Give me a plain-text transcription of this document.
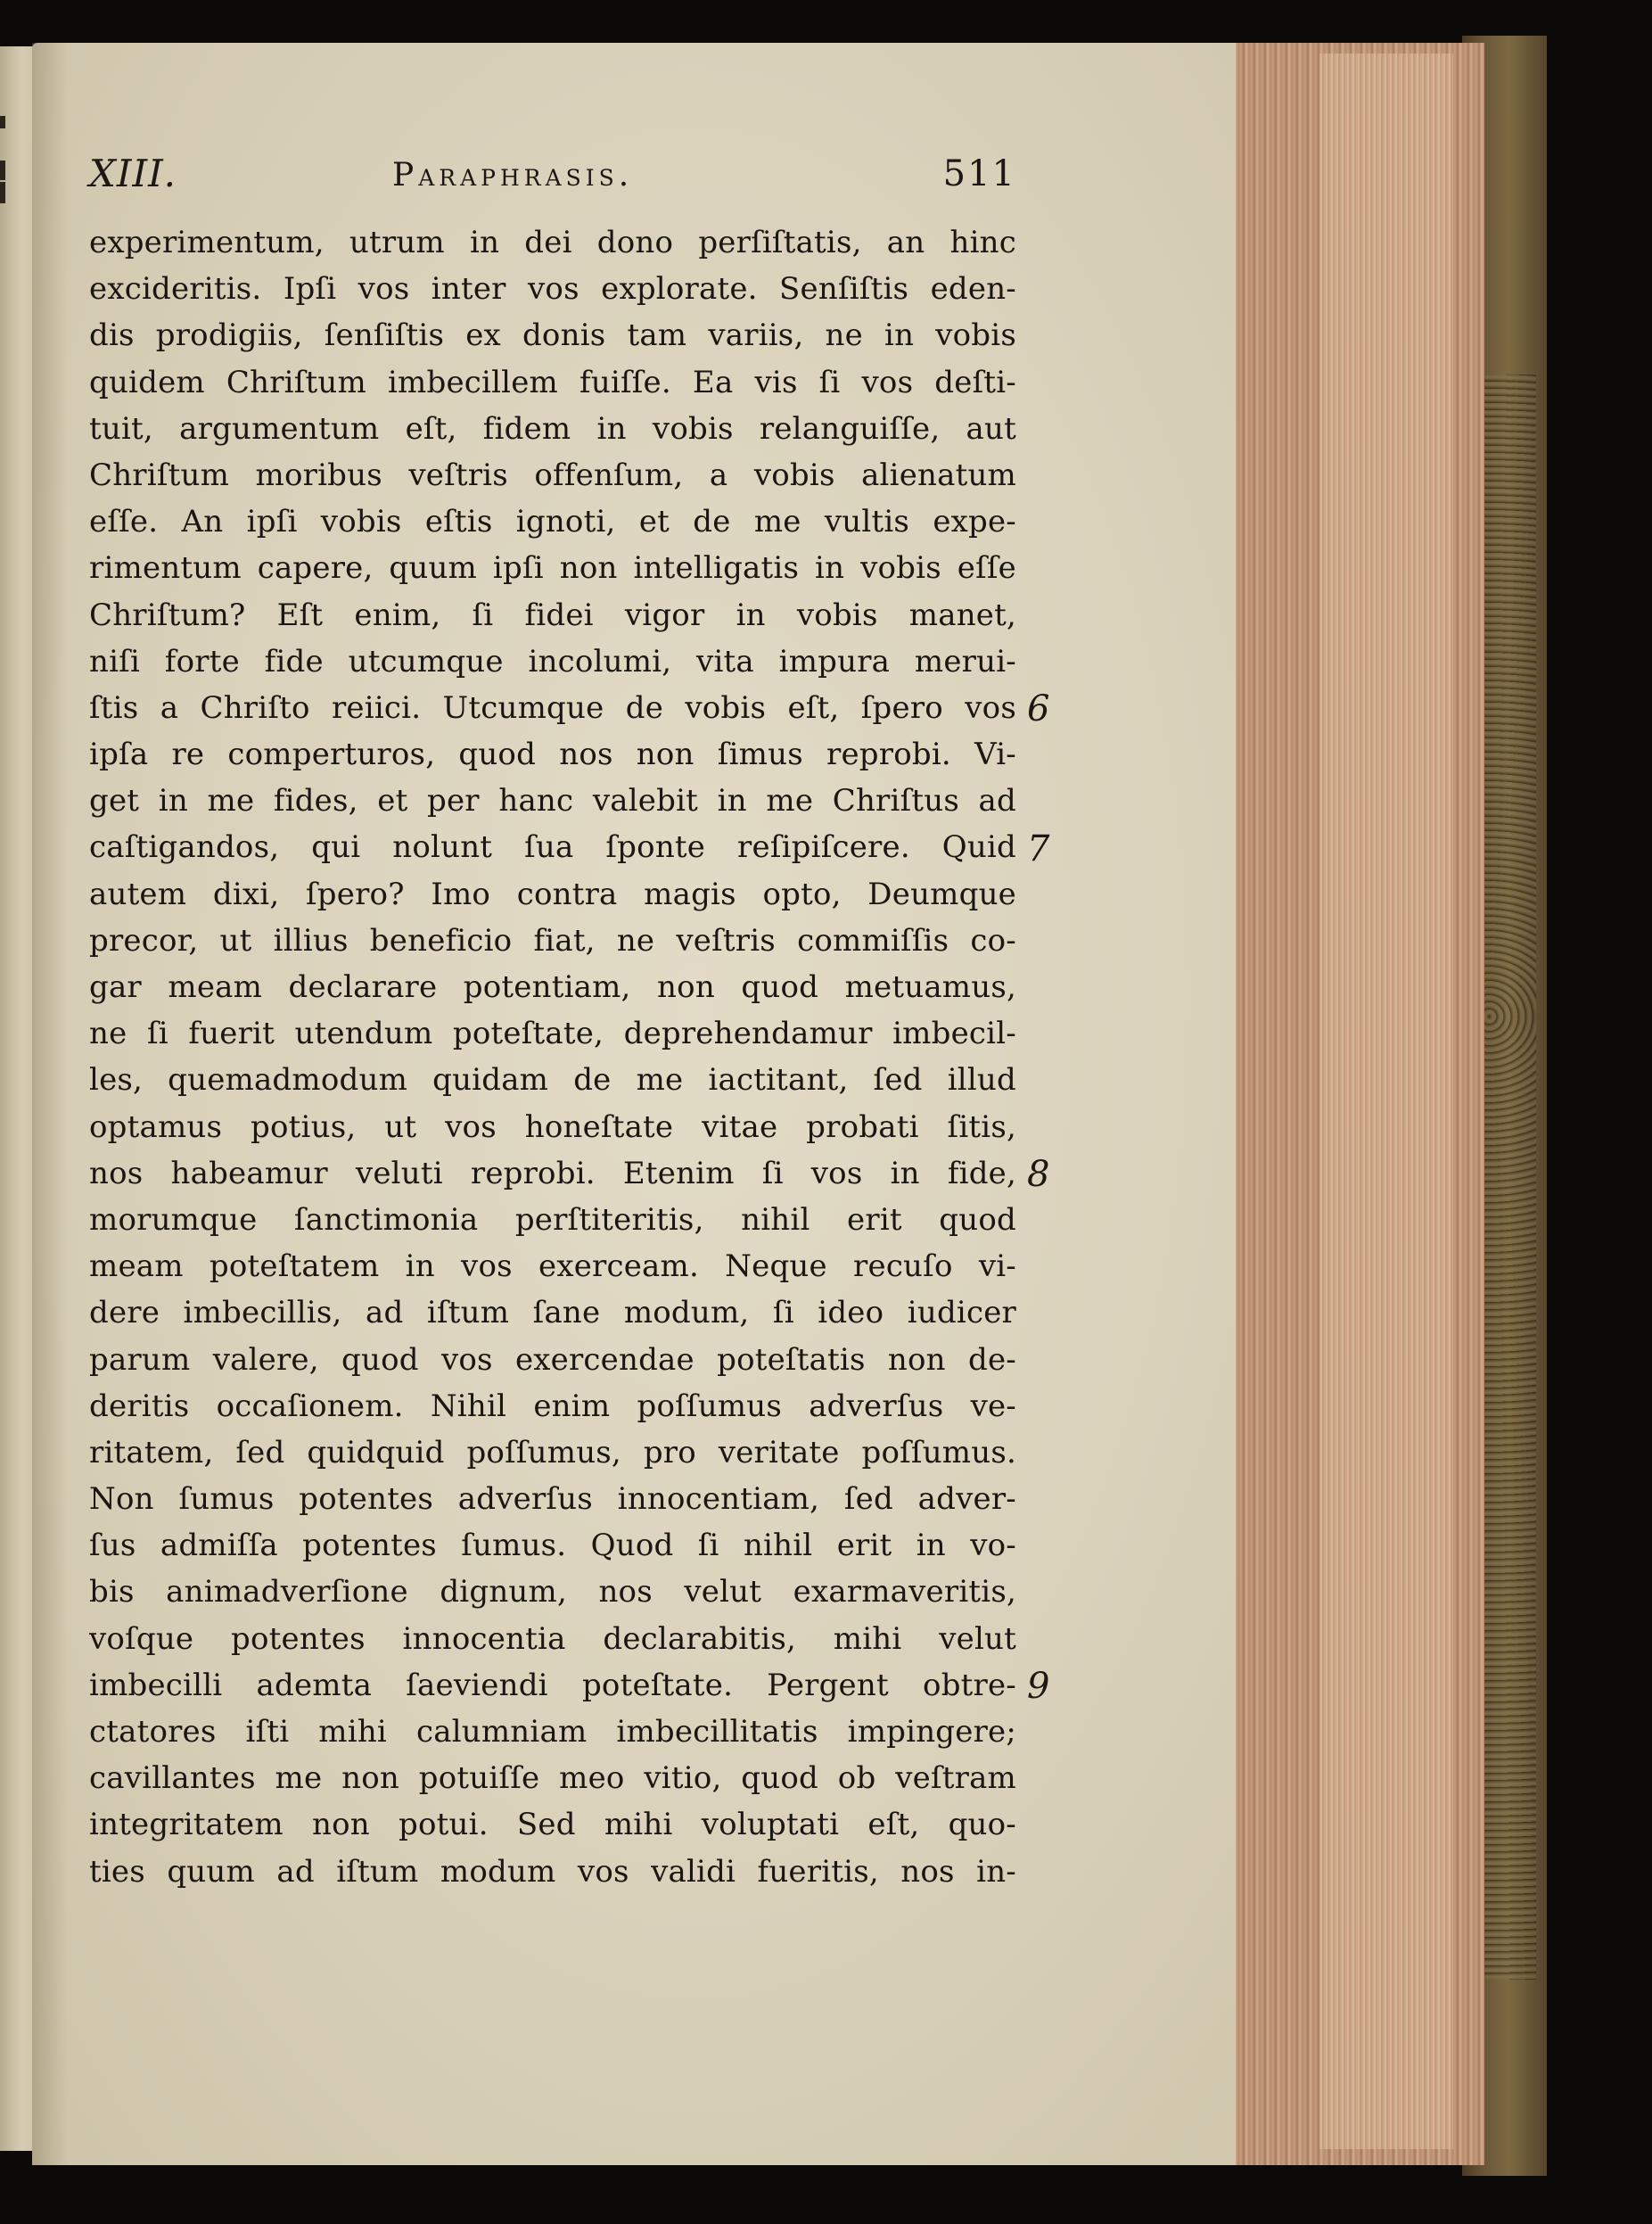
XIII.	Paraphrasis.	511
experimentum, utrum in dei dono perſiſtatis, an hinc
excideritis. Ipſi vos inter vos explorate. Senſiſtis eden-
dis prodigiis, ſenſiſtis ex donis tam variis, ne in vobis
quidem Chriſtum imbecillem fuiſſe. Ea vis ſi vos deſti-
tuit, argumentum eſt, fidem in vobis relanguiſſe, aut
Chriſtum moribus veſtris offenſum, a vobis alienatum
eſſe. An ipſi vobis eſtis ignoti, et de me vultis expe-
rimentum capere, quum ipſi non intelligatis in vobis eſſe
Chriſtum? Eſt enim, ſi fidei vigor in vobis manet,
niſi forte fide utcumque incolumi, vita impura merui-
ſtis a Chriſto reiici. Utcumque de vobis eſt, ſpero vos
ipſa re comperturos, quod nos non ſimus reprobi. Vi-
get in me fides, et per hanc valebit in me Chriſtus ad
caſtigandos, qui nolunt ſua ſponte reſipiſcere. Quid
autem dixi, ſpero? Imo contra magis opto, Deumque
precor, ut illius beneficio fiat, ne veſtris commiſſis co-
gar meam declarare potentiam, non quod metuamus,
ne ſi fuerit utendum poteſtate, deprehendamur imbecil-
les, quemadmodum quidam de me iactitant, ſed illud
optamus potius, ut vos honeſtate vitae probati ſitis,
nos habeamur veluti reprobi. Etenim ſi vos in fide,
morumque ſanctimonia perſtiteritis, nihil erit quod
meam poteſtatem in vos exerceam. Neque recuſo vi-
dere imbecillis, ad iſtum ſane modum, ſi ideo iudicer
parum valere, quod vos exercendae poteſtatis non de-
deritis occaſionem. Nihil enim poſſumus adverſus ve-
ritatem, ſed quidquid poſſumus, pro veritate poſſumus.
Non ſumus potentes adverſus innocentiam, ſed adver-
ſus admiſſa potentes ſumus. Quod ſi nihil erit in vo-
bis animadverſione dignum, nos velut exarmaveritis,
voſque potentes innocentia declarabitis, mihi velut
imbecilli ademta ſaeviendi poteſtate. Pergent obtre-
ctatores iſti mihi calumniam imbecillitatis impingere;
cavillantes me non potuiſſe meo vitio, quod ob veſtram
integritatem non potui. Sed mihi voluptati eſt, quo-
ties quum ad iſtum modum vos validi fueritis, nos in-
6
7
8
9
